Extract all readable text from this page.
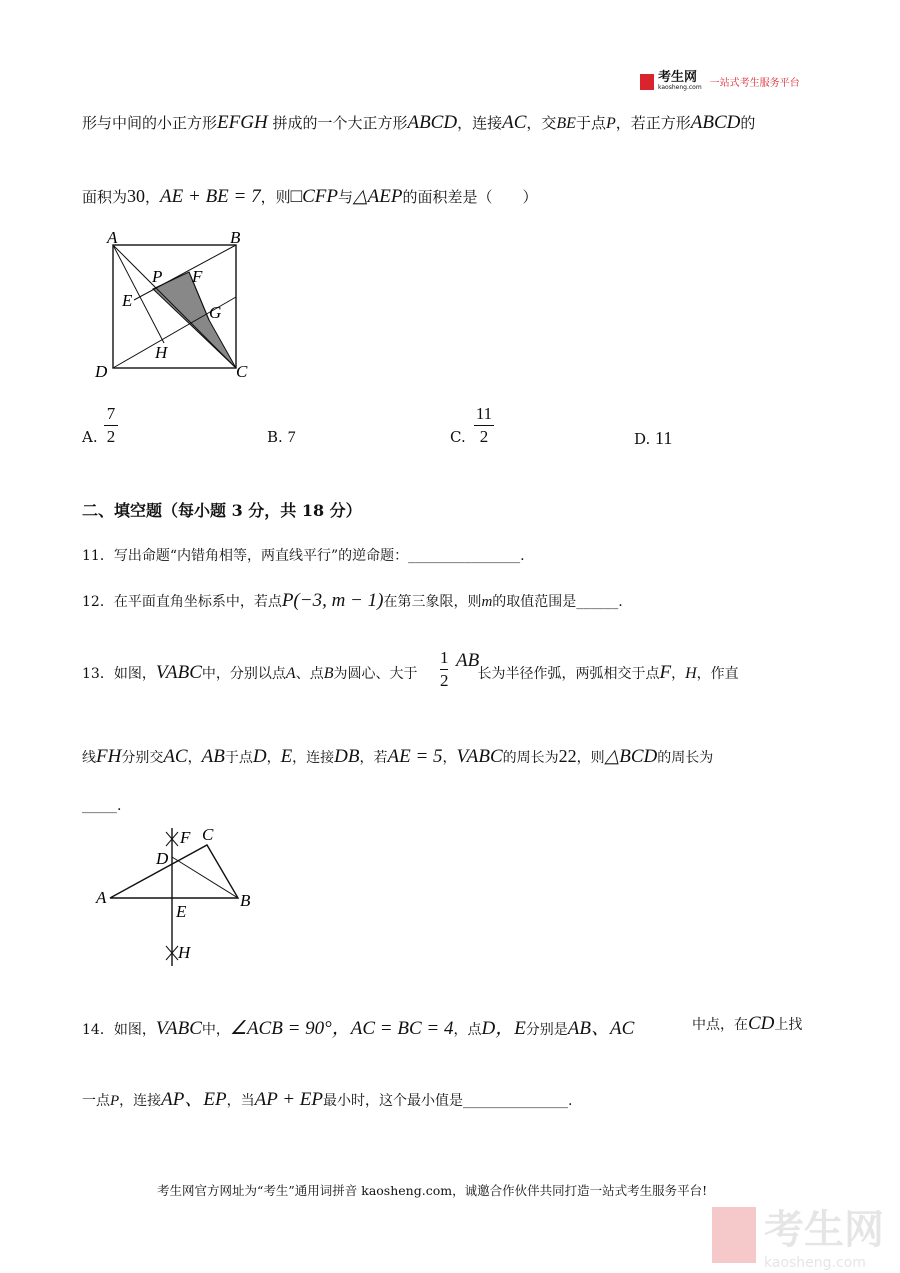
考生网
kaosheng.com 一站式考生服务平台
形与中间的小正方形EFGH 拼成的一个大正方形ABCD，连接AC，交BE于点P，若正方形ABCD的
面积为30，AE + BE = 7，则□CFP与△AEP的面积差是（　　）
A	B
C
D
E
F
G
H
P
A	B
C
D
E
F
H
A.
7
2	B. 7	C.
11
2	D. 11
二、填空题（每小题 3 分，共 18 分）
11．写出命题“内错角相等，两直线平行”的逆命题：________________.
12．在平面直角坐标系中，若点P(−3, m − 1)在第三象限，则m的取值范围是______.
13．如图，VABC中，分别以点A、点B为圆心、大于	长为半径作弧，两弧相交于点F，H，作直
1
2
AB
线FH分别交AC，AB于点D，E，连接DB，若AE = 5，VABC的周长为22，则△BCD的周长为
_____.
14．如图，VABC中，∠ACB = 90°，AC = BC = 4，点D，E分别是AB、AC	中点，在CD上找
一点P，连接AP、EP，当AP + EP最小时，这个最小值是_______________.
考生网官方网址为“考生”通用词拼音 kaosheng.com，诚邀合作伙伴共同打造一站式考生服务平台!
考生网
kaosheng.com
